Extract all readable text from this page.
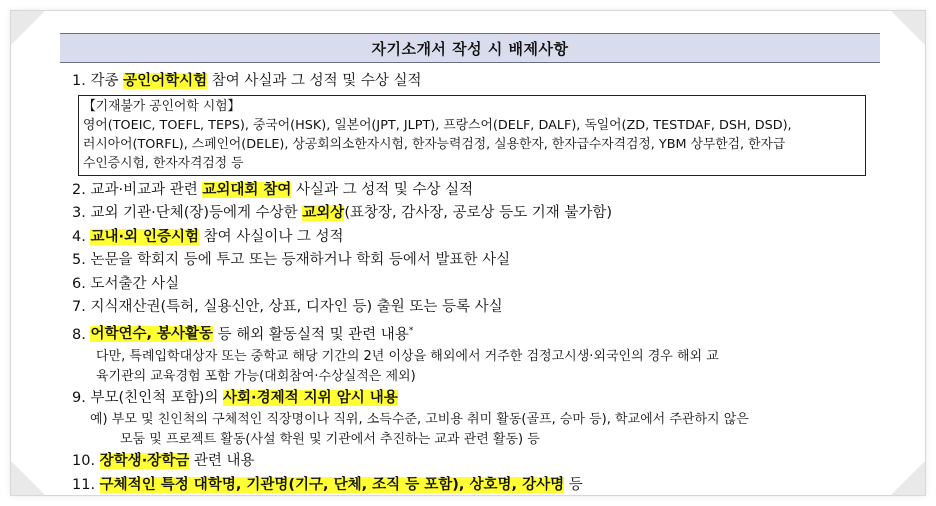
자기소개서 작성 시 배제사항
1. 각종 공인어학시험 참여 사실과 그 성적 및 수상 실적
【기재불가 공인어학 시험】
영어(TOEIC, TOEFL, TEPS), 중국어(HSK), 일본어(JPT, JLPT), 프랑스어(DELF, DALF), 독일어(ZD, TESTDAF, DSH, DSD),
러시아어(TORFL), 스페인어(DELE), 상공회의소한자시험, 한자능력검정, 실용한자, 한자급수자격검정, YBM 상무한검, 한자급
수인증시험, 한자자격검정 등
2. 교과·비교과 관련 교외대회 참여 사실과 그 성적 및 수상 실적
3. 교외 기관·단체(장)등에게 수상한 교외상(표창장, 감사장, 공로상 등도 기재 불가함)
4. 교내·외 인증시험 참여 사실이나 그 성적
5. 논문을 학회지 등에 투고 또는 등재하거나 학회 등에서 발표한 사실
6. 도서출간 사실
7. 지식재산권(특허, 실용신안, 상표, 디자인 등) 출원 또는 등록 사실
8. 어학연수, 봉사활동 등 해외 활동실적 및 관련 내용*
다만, 특례입학대상자 또는 중학교 해당 기간의 2년 이상을 해외에서 거주한 검정고시생·외국인의 경우 해외 교
육기관의 교육경험 포함 가능(대회참여·수상실적은 제외)
9. 부모(친인척 포함)의 사회·경제적 지위 암시 내용
예) 부모 및 친인척의 구체적인 직장명이나 직위, 소득수준, 고비용 취미 활동(골프, 승마 등), 학교에서 주관하지 않은
모둠 및 프로젝트 활동(사설 학원 및 기관에서 추진하는 교과 관련 활동) 등
10. 장학생·장학금 관련 내용
11. 구체적인 특정 대학명, 기관명(기구, 단체, 조직 등 포함), 상호명, 강사명 등
